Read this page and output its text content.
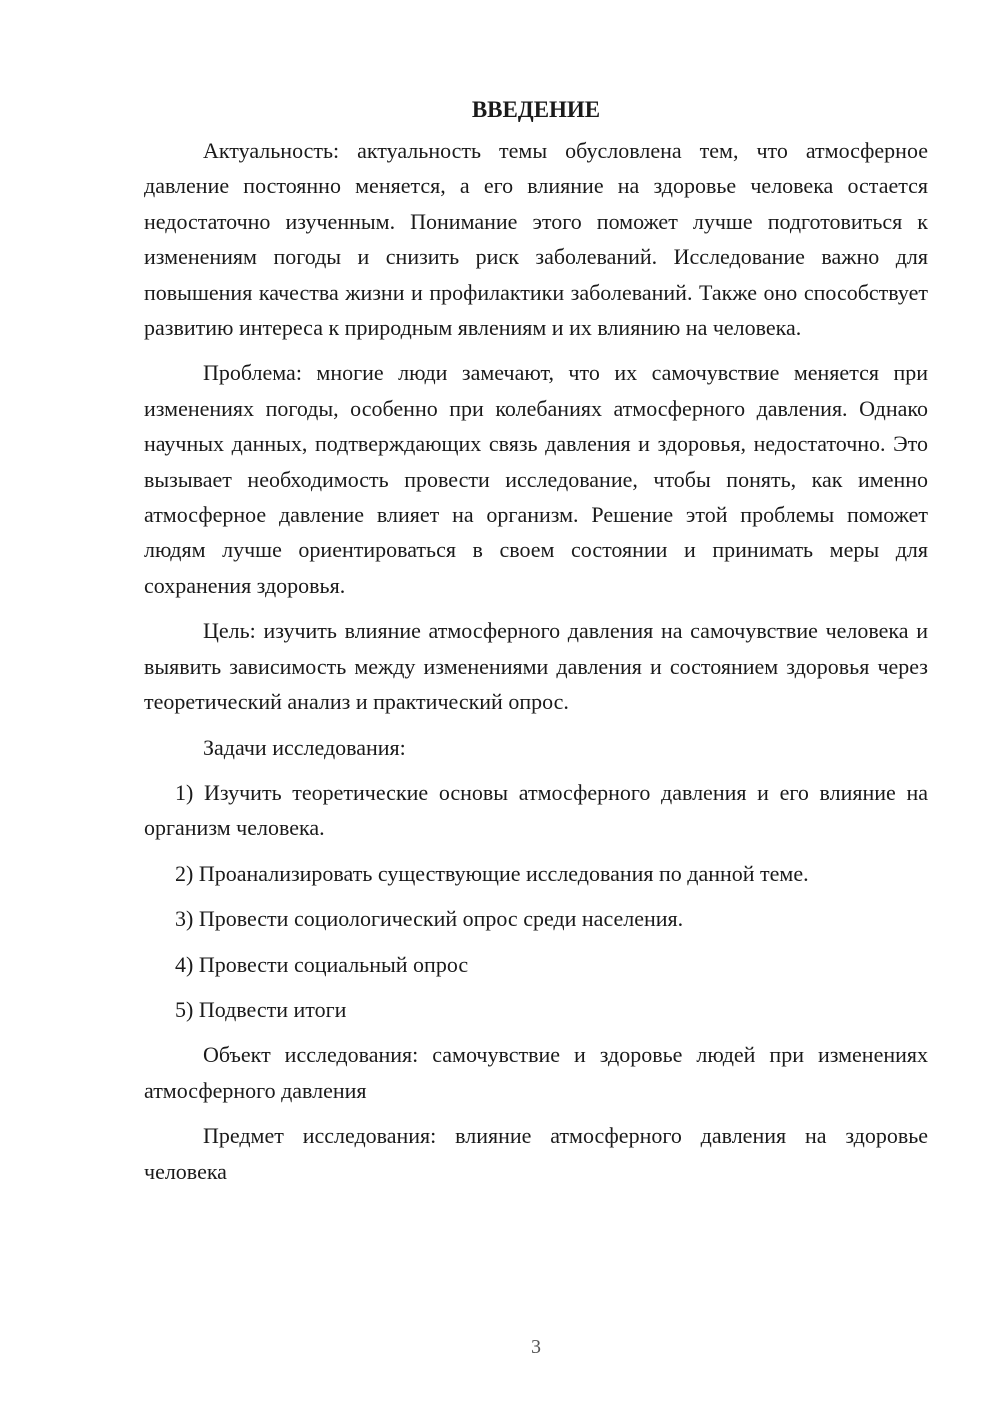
ВВЕДЕНИЕ

Актуальность: актуальность темы обусловлена тем, что атмосферное давление постоянно меняется, а его влияние на здоровье человека остается недостаточно изученным. Понимание этого поможет лучше подготовиться к изменениям погоды и снизить риск заболеваний. Исследование важно для повышения качества жизни и профилактики заболеваний. Также оно способствует развитию интереса к природным явлениям и их влиянию на человека.

Проблема: многие люди замечают, что их самочувствие меняется при изменениях погоды, особенно при колебаниях атмосферного давления. Однако научных данных, подтверждающих связь давления и здоровья, недостаточно. Это вызывает необходимость провести исследование, чтобы понять, как именно атмосферное давление влияет на организм. Решение этой проблемы поможет людям лучше ориентироваться в своем состоянии и принимать меры для сохранения здоровья.

Цель: изучить влияние атмосферного давления на самочувствие человека и выявить зависимость между изменениями давления и состоянием здоровья через теоретический анализ и практический опрос.

Задачи исследования:

1) Изучить теоретические основы атмосферного давления и его влияние на организм человека.

2) Проанализировать существующие исследования по данной теме.

3) Провести социологический опрос среди населения.

4) Провести социальный опрос

5) Подвести итоги

Объект исследования: самочувствие и здоровье людей при изменениях атмосферного давления

Предмет исследования: влияние атмосферного давления на здоровье человека

3
